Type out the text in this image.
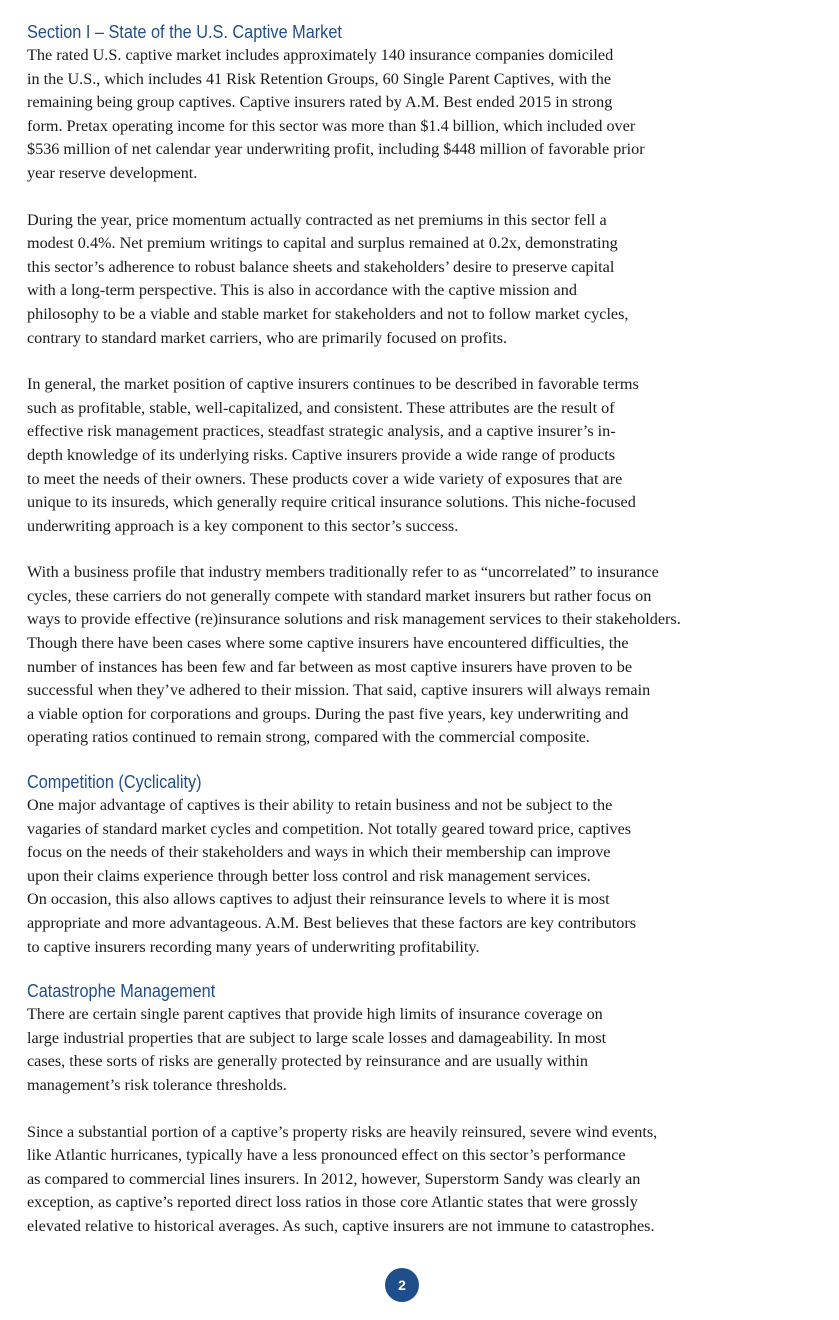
Section I – State of the U.S. Captive Market

The rated U.S. captive market includes approximately 140 insurance companies domiciled

in the U.S., which includes 41 Risk Retention Groups, 60 Single Parent Captives, with the

remaining being group captives. Captive insurers rated by A.M. Best ended 2015 in strong

form. Pretax operating income for this sector was more than $1.4 billion, which included over

$536 million of net calendar year underwriting profit, including $448 million of favorable prior

year reserve development.

During the year, price momentum actually contracted as net premiums in this sector fell a

modest 0.4%. Net premium writings to capital and surplus remained at 0.2x, demonstrating

this sector’s adherence to robust balance sheets and stakeholders’ desire to preserve capital

with a long-term perspective. This is also in accordance with the captive mission and

philosophy to be a viable and stable market for stakeholders and not to follow market cycles,

contrary to standard market carriers, who are primarily focused on profits.

In general, the market position of captive insurers continues to be described in favorable terms

such as profitable, stable, well-capitalized, and consistent. These attributes are the result of

effective risk management practices, steadfast strategic analysis, and a captive insurer’s in-

depth knowledge of its underlying risks. Captive insurers provide a wide range of products

to meet the needs of their owners. These products cover a wide variety of exposures that are

unique to its insureds, which generally require critical insurance solutions. This niche-focused

underwriting approach is a key component to this sector’s success.

With a business profile that industry members traditionally refer to as “uncorrelated” to insurance

cycles, these carriers do not generally compete with standard market insurers but rather focus on

ways to provide effective (re)insurance solutions and risk management services to their stakeholders.

Though there have been cases where some captive insurers have encountered difficulties, the

number of instances has been few and far between as most captive insurers have proven to be

successful when they’ve adhered to their mission. That said, captive insurers will always remain

a viable option for corporations and groups. During the past five years, key underwriting and

operating ratios continued to remain strong, compared with the commercial composite.

Competition (Cyclicality)

One major advantage of captives is their ability to retain business and not be subject to the

vagaries of standard market cycles and competition. Not totally geared toward price, captives

focus on the needs of their stakeholders and ways in which their membership can improve

upon their claims experience through better loss control and risk management services.

On occasion, this also allows captives to adjust their reinsurance levels to where it is most

appropriate and more advantageous. A.M. Best believes that these factors are key contributors

to captive insurers recording many years of underwriting profitability.

Catastrophe Management

There are certain single parent captives that provide high limits of insurance coverage on

large industrial properties that are subject to large scale losses and damageability. In most

cases, these sorts of risks are generally protected by reinsurance and are usually within

management’s risk tolerance thresholds.

Since a substantial portion of a captive’s property risks are heavily reinsured, severe wind events,

like Atlantic hurricanes, typically have a less pronounced effect on this sector’s performance

as compared to commercial lines insurers. In 2012, however, Superstorm Sandy was clearly an

exception, as captive’s reported direct loss ratios in those core Atlantic states that were grossly

elevated relative to historical averages. As such, captive insurers are not immune to catastrophes.

2
